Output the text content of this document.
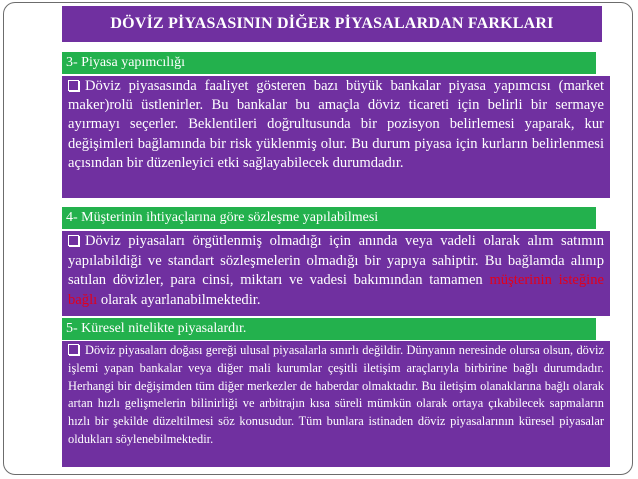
DÖVİZ PİYASASININ DİĞER PİYASALARDAN FARKLARI
3- Piyasa yapımcılığı

Döviz piyasasında faaliyet gösteren bazı büyük bankalar piyasa yapımcısı (market maker)rolü üstlenirler. Bu bankalar bu amaçla döviz ticareti için belirli bir sermaye ayırmayı seçerler. Beklentileri doğrultusunda bir pozisyon belirlemesi yaparak, kur değişimleri bağlamında bir risk yüklenmiş olur. Bu durum piyasa için kurların belirlenmesi açısından bir düzenleyici etki sağlayabilecek durumdadır.

4- Müşterinin ihtiyaçlarına göre sözleşme yapılabilmesi

Döviz piyasaları örgütlenmiş olmadığı için anında veya vadeli olarak alım satımın yapılabildiği ve standart sözleşmelerin olmadığı bir yapıya sahiptir. Bu bağlamda alınıp satılan dövizler, para cinsi, miktarı ve vadesi bakımından tamamen müşterinin isteğine bağlı olarak ayarlanabilmektedir.

5- Küresel nitelikte piyasalardır.

Döviz piyasaları doğası gereği ulusal piyasalarla sınırlı değildir. Dünyanın neresinde olursa olsun, döviz işlemi yapan bankalar veya diğer mali kurumlar çeşitli iletişim araçlarıyla birbirine bağlı durumdadır. Herhangi bir değişimden tüm diğer merkezler de haberdar olmaktadır. Bu iletişim olanaklarına bağlı olarak artan hızlı gelişmelerin bilinirliği ve arbitrajın kısa süreli mümkün olarak ortaya çıkabilecek sapmaların hızlı bir şekilde düzeltilmesi söz konusudur. Tüm bunlara istinaden döviz piyasalarının küresel piyasalar oldukları söylenebilmektedir.
